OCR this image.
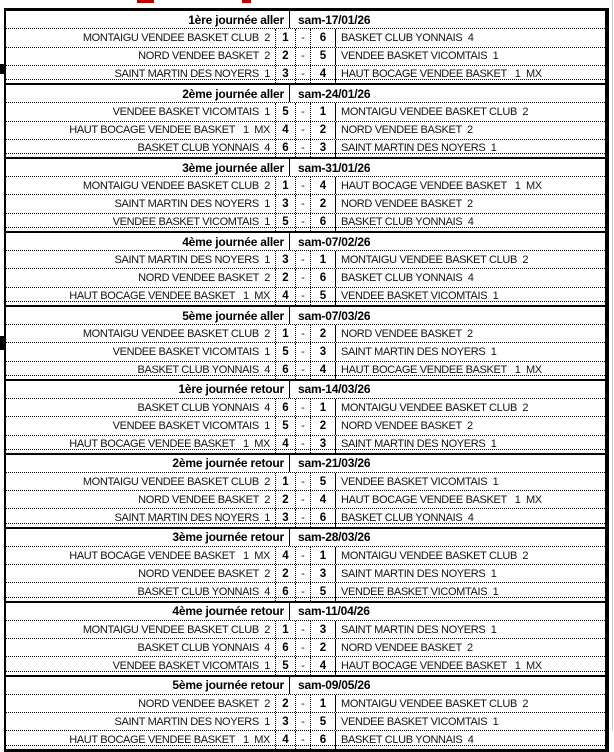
1ère journée aller	sam-17/01/26
MONTAIGU VENDEE BASKET CLUB  2	1	-	6	BASKET CLUB YONNAIS  4
NORD VENDEE BASKET  2	2	-	5	VENDEE BASKET VICOMTAIS  1
SAINT MARTIN DES NOYERS  1	3	-	4	HAUT BOCAGE VENDEE BASKET   1  MX
2ème journée aller	sam-24/01/26
VENDEE BASKET VICOMTAIS  1	5	-	1	MONTAIGU VENDEE BASKET CLUB  2
HAUT BOCAGE VENDEE BASKET   1  MX	4	-	2	NORD VENDEE BASKET  2
BASKET CLUB YONNAIS  4	6	-	3	SAINT MARTIN DES NOYERS  1
3ème journée aller	sam-31/01/26
MONTAIGU VENDEE BASKET CLUB  2	1	-	4	HAUT BOCAGE VENDEE BASKET   1  MX
SAINT MARTIN DES NOYERS  1	3	-	2	NORD VENDEE BASKET  2
VENDEE BASKET VICOMTAIS  1	5	-	6	BASKET CLUB YONNAIS  4
4ème journée aller	sam-07/02/26
SAINT MARTIN DES NOYERS  1	3	-	1	MONTAIGU VENDEE BASKET CLUB  2
NORD VENDEE BASKET  2	2	-	6	BASKET CLUB YONNAIS  4
HAUT BOCAGE VENDEE BASKET   1  MX	4	-	5	VENDEE BASKET VICOMTAIS  1
5ème journée aller	sam-07/03/26
MONTAIGU VENDEE BASKET CLUB  2	1	-	2	NORD VENDEE BASKET  2
VENDEE BASKET VICOMTAIS  1	5	-	3	SAINT MARTIN DES NOYERS  1
BASKET CLUB YONNAIS  4	6	-	4	HAUT BOCAGE VENDEE BASKET   1  MX
1ère journée retour	sam-14/03/26
BASKET CLUB YONNAIS  4	6	-	1	MONTAIGU VENDEE BASKET CLUB  2
VENDEE BASKET VICOMTAIS  1	5	-	2	NORD VENDEE BASKET  2
HAUT BOCAGE VENDEE BASKET   1  MX	4	-	3	SAINT MARTIN DES NOYERS  1
2ème journée retour	sam-21/03/26
MONTAIGU VENDEE BASKET CLUB  2	1	-	5	VENDEE BASKET VICOMTAIS  1
NORD VENDEE BASKET  2	2	-	4	HAUT BOCAGE VENDEE BASKET   1  MX
SAINT MARTIN DES NOYERS  1	3	-	6	BASKET CLUB YONNAIS  4
3ème journée retour	sam-28/03/26
HAUT BOCAGE VENDEE BASKET   1  MX	4	-	1	MONTAIGU VENDEE BASKET CLUB  2
NORD VENDEE BASKET  2	2	-	3	SAINT MARTIN DES NOYERS  1
BASKET CLUB YONNAIS  4	6	-	5	VENDEE BASKET VICOMTAIS  1
4ème journée retour	sam-11/04/26
MONTAIGU VENDEE BASKET CLUB  2	1	-	3	SAINT MARTIN DES NOYERS  1
BASKET CLUB YONNAIS  4	6	-	2	NORD VENDEE BASKET  2
VENDEE BASKET VICOMTAIS  1	5	-	4	HAUT BOCAGE VENDEE BASKET   1  MX
5ème journée retour	sam-09/05/26
NORD VENDEE BASKET  2	2	-	1	MONTAIGU VENDEE BASKET CLUB  2
SAINT MARTIN DES NOYERS  1	3	-	5	VENDEE BASKET VICOMTAIS  1
HAUT BOCAGE VENDEE BASKET   1  MX	4	-	6	BASKET CLUB YONNAIS  4
